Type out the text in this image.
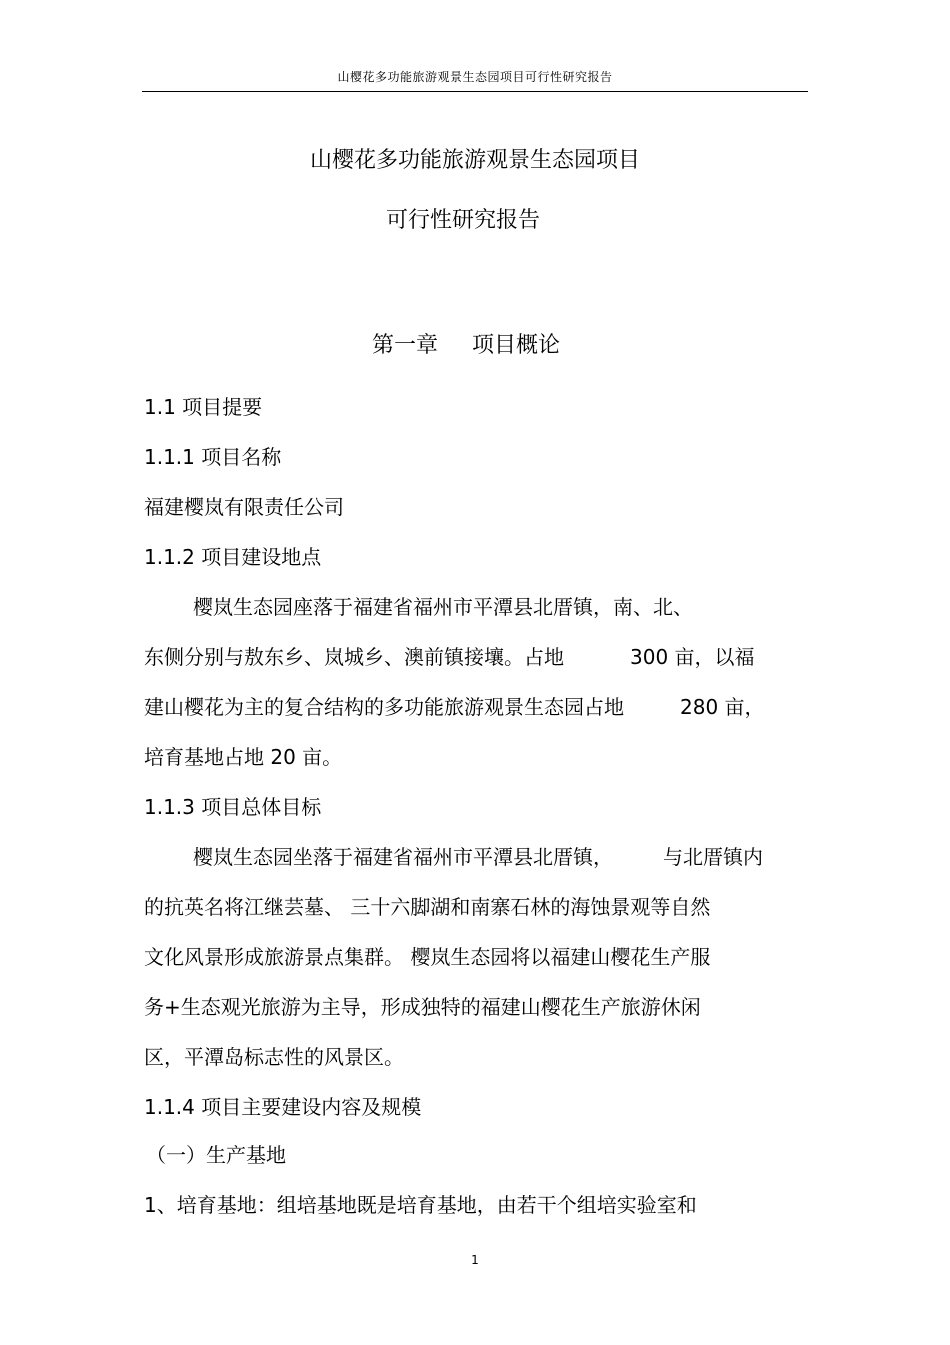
山樱花多功能旅游观景生态园项目可行性研究报告
山樱花多功能旅游观景生态园项目
可行性研究报告
第一章 项目概论
1.1 项目提要
1.1.1 项目名称
福建樱岚有限责任公司
1.1.2 项目建设地点
樱岚生态园座落于福建省福州市平潭县北厝镇，南、北、
东侧分别与敖东乡、岚城乡、澳前镇接壤。占地	300 亩，以福
建山樱花为主的复合结构的多功能旅游观景生态园占地	280 亩，
培育基地占地 20 亩。
1.1.3 项目总体目标
樱岚生态园坐落于福建省福州市平潭县北厝镇，	与北厝镇内
的抗英名将江继芸墓、 三十六脚湖和南寨石林的海蚀景观等自然
文化风景形成旅游景点集群。 樱岚生态园将以福建山樱花生产服
务+生态观光旅游为主导，形成独特的福建山樱花生产旅游休闲
区，平潭岛标志性的风景区。
1.1.4 项目主要建设内容及规模
（一）生产基地
1、培育基地：组培基地既是培育基地，由若干个组培实验室和
1
